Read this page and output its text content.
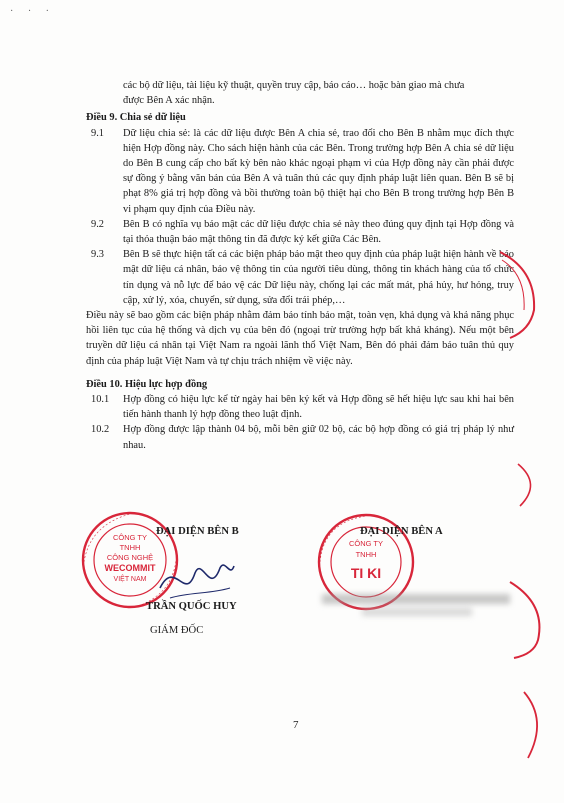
· · ·
các bộ dữ liệu, tài liệu kỹ thuật, quyền truy cập, báo cáo… hoặc bàn giao mà chưa
được Bên A xác nhận.
Điều 9. Chia sẻ dữ liệu
9.1 Dữ liệu chia sẻ: là các dữ liệu được Bên A chia sẻ, trao đổi cho Bên B nhằm mục đích thực hiện Hợp đồng này. Cho sách hiện hành của các Bên. Trong trường hợp Bên A chia sẻ dữ liệu do Bên B cung cấp cho bất kỳ bên nào khác ngoại phạm vi của Hợp đồng này cần phải được sự đồng ý bằng văn bản của Bên A và tuân thủ các quy định pháp luật liên quan. Bên B sẽ bị phạt 8% giá trị hợp đồng và bồi thường toàn bộ thiệt hại cho Bên B trong trường hợp Bên B vi phạm quy định của Điều này.
9.2 Bên B có nghĩa vụ bảo mật các dữ liệu được chia sẻ này theo đúng quy định tại Hợp đồng và tại thỏa thuận bảo mật thông tin đã được ký kết giữa Các Bên.
9.3 Bên B sẽ thực hiện tất cả các biện pháp bảo mật theo quy định của pháp luật hiện hành về bảo mật dữ liệu cá nhân, bảo vệ thông tin của người tiêu dùng, thông tin khách hàng của tổ chức tín dụng và nỗ lực để bảo vệ các Dữ liệu này, chống lại các mất mát, phá hủy, hư hỏng, truy cập, xử lý, xóa, chuyển, sử dụng, sửa đổi trái phép,…
Điều này sẽ bao gồm các biện pháp nhằm đảm bảo tính bảo mật, toàn vẹn, khả dụng và khả năng phục hồi liên tục của hệ thống và dịch vụ của bên đó (ngoại trừ trường hợp bất khả kháng). Nếu một bên truyền dữ liệu cá nhân tại Việt Nam ra ngoài lãnh thổ Việt Nam, Bên đó phải đảm bảo tuân thủ quy định của pháp luật Việt Nam và tự chịu trách nhiệm về việc này.
Điều 10. Hiệu lực hợp đồng
10.1 Hợp đồng có hiệu lực kể từ ngày hai bên ký kết và Hợp đồng sẽ hết hiệu lực sau khi hai bên tiến hành thanh lý hợp đồng theo luật định.
10.2 Hợp đồng được lập thành 04 bộ, mỗi bên giữ 02 bộ, các bộ hợp đồng có giá trị pháp lý như nhau.
CÔNG TY
TNHH
CÔNG NGHỆ
WECOMMIT
VIỆT NAM
ĐẠI DIỆN BÊN B
TRẦN QUỐC HUY
GIÁM ĐỐC
CÔNG TY
TNHH
TI KI
ĐẠI DIỆN BÊN A
7
